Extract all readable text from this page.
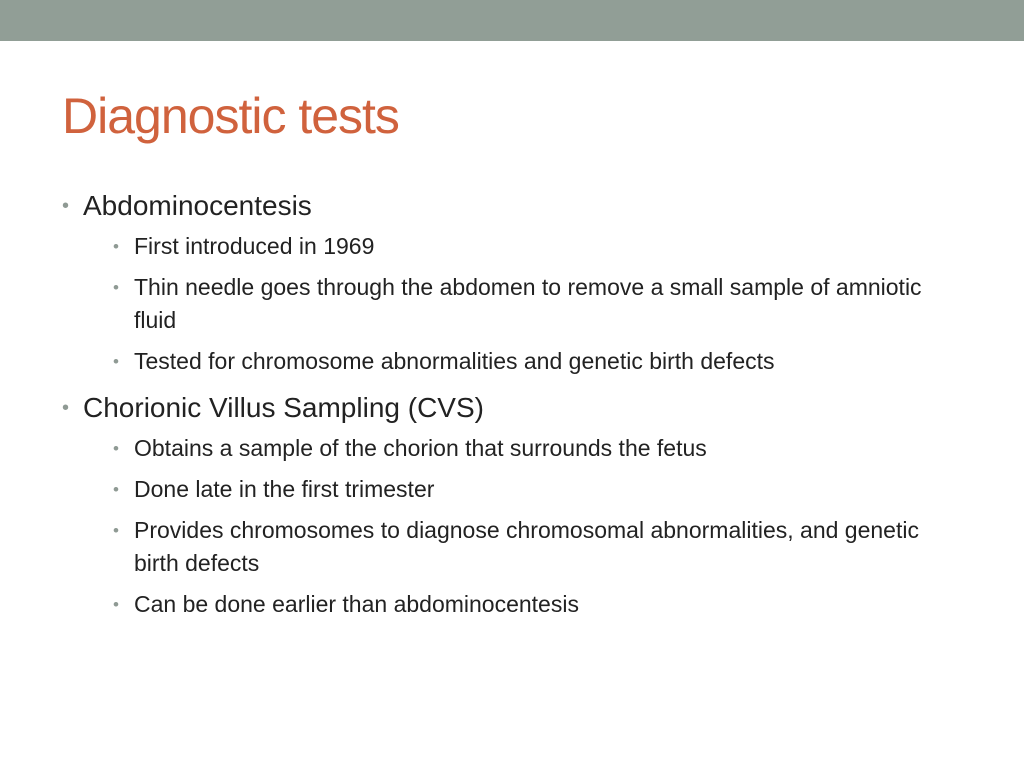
Diagnostic tests
• Abdominocentesis
• First introduced in 1969
• Thin needle goes through the abdomen to remove a small sample of amniotic fluid
• Tested for chromosome abnormalities and genetic birth defects
• Chorionic Villus Sampling (CVS)
• Obtains a sample of the chorion that surrounds the fetus
• Done late in the first trimester
• Provides chromosomes to diagnose chromosomal abnormalities, and genetic birth defects
• Can be done earlier than abdominocentesis
